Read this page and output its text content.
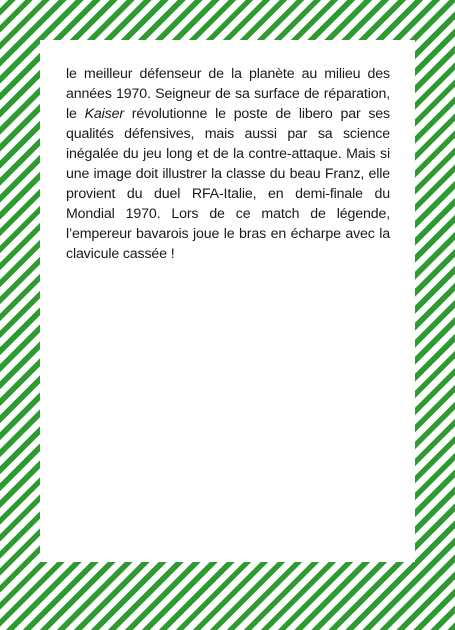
le meilleur défenseur de la planète au milieu des années 1970. Seigneur de sa surface de réparation, le Kaiser révolutionne le poste de libero par ses qualités défensives, mais aussi par sa science inégalée du jeu long et de la contre-attaque. Mais si une image doit illustrer la classe du beau Franz, elle provient du duel RFA-Italie, en demi-finale du Mondial 1970. Lors de ce match de légende, l’empereur bavarois joue le bras en écharpe avec la clavicule cassée !
